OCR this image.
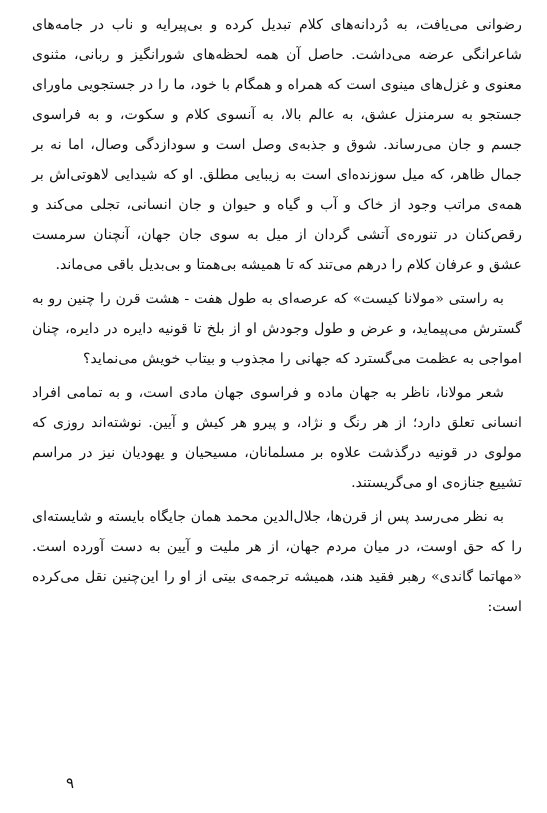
رضوانی می‌یافت، به دُردانه‌های کلام تبدیل کرده و بی‌پیرایه و ناب در جامه‌های شاعرانگی عرضه می‌داشت. حاصل آن همه لحظه‌های شورانگیز و ربانی، مثنوی معنوی و غزل‌های مینوی است که همراه و همگام با خود، ما را در جستجویی ماورای جستجو به سرمنزل عشق، به عالم بالا، به آنسوی کلام و سکوت، و به فراسوی جسم و جان می‌رساند. شوق و جذبه‌ی وصل است و سودازدگی وصال، اما نه بر جمال ظاهر، که میل سوزنده‌ای است به زیبایی مطلق. او که شیدایی لاهوتی‌اش بر همه‌ی مراتب وجود از خاک و آب و گیاه و حیوان و جان انسانی، تجلی می‌کند و رقص‌کنان در تنوره‌ی آتشی گردان از میل به سوی جان جهان، آنچنان سرمست عشق و عرفان کلام را درهم می‌تند که تا همیشه بی‌همتا و بی‌بدیل باقی می‌ماند.

به راستی «مولانا کیست» که عرصه‌ای به طول هفت - هشت قرن را چنین رو به گسترش می‌پیماید، و عرض و طول وجودش او از بلخ تا قونیه دایره در دایره، چنان امواجی به عظمت می‌گسترد که جهانی را مجذوب و بیتاب خویش می‌نماید؟

شعر مولانا، ناظر به جهان ماده و فراسوی جهان مادی است، و به تمامی افراد انسانی تعلق دارد؛ از هر رنگ و نژاد، و پیرو هر کیش و آیین. نوشته‌اند روزی که مولوی در قونیه درگذشت علاوه بر مسلمانان، مسیحیان و یهودیان نیز در مراسم تشییع جنازه‌ی او می‌گریستند.

به نظر می‌رسد پس از قرن‌ها، جلال‌الدین محمد همان جایگاه بایسته و شایسته‌ای را که حق اوست، در میان مردم جهان، از هر ملیت و آیین به دست آورده است. «مهاتما گاندی» رهبر فقید هند، همیشه ترجمه‌ی بیتی از او را این‌چنین نقل می‌کرده است:

۹
